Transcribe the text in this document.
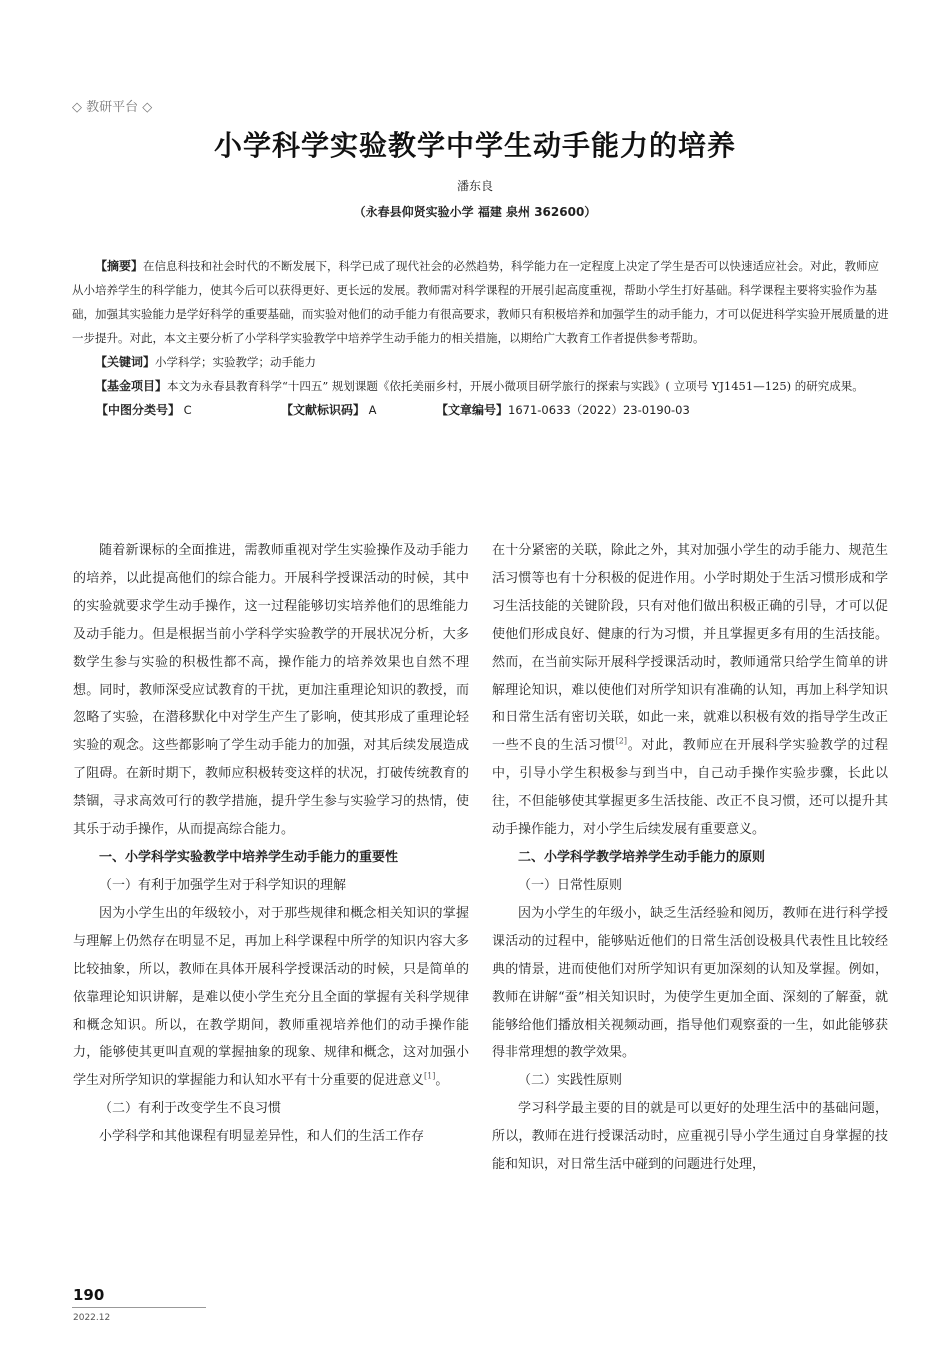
◇ 教研平台 ◇
小学科学实验教学中学生动手能力的培养
潘东良
（永春县仰贤实验小学 福建 泉州 362600）

【摘要】在信息科技和社会时代的不断发展下，科学已成了现代社会的必然趋势，科学能力在一定程度上决定了学生是否可以快速适应社会。对此，教师应从小培养学生的科学能力，使其今后可以获得更好、更长远的发展。教师需对科学课程的开展引起高度重视，帮助小学生打好基础。科学课程主要将实验作为基础，加强其实验能力是学好科学的重要基础，而实验对他们的动手能力有很高要求，教师只有积极培养和加强学生的动手能力，才可以促进科学实验开展质量的进一步提升。对此，本文主要分析了小学科学实验教学中培养学生动手能力的相关措施，以期给广大教育工作者提供参考帮助。

【关键词】小学科学；实验教学；动手能力

【基金项目】本文为永春县教育科学“十四五” 规划课题《依托美丽乡村，开展小微项目研学旅行的探索与实践》( 立项号 YJ1451—125) 的研究成果。

【中图分类号】 C	【文献标识码】 A	【文章编号】1671-0633（2022）23-0190-03

随着新课标的全面推进，需教师重视对学生实验操作及动手能力的培养，以此提高他们的综合能力。开展科学授课活动的时候，其中的实验就要求学生动手操作，这一过程能够切实培养他们的思维能力及动手能力。但是根据当前小学科学实验教学的开展状况分析，大多数学生参与实验的积极性都不高，操作能力的培养效果也自然不理想。同时，教师深受应试教育的干扰，更加注重理论知识的教授，而忽略了实验，在潜移默化中对学生产生了影响，使其形成了重理论轻实验的观念。这些都影响了学生动手能力的加强，对其后续发展造成了阻碍。在新时期下，教师应积极转变这样的状况，打破传统教育的禁锢，寻求高效可行的教学措施，提升学生参与实验学习的热情，使其乐于动手操作，从而提高综合能力。

一、小学科学实验教学中培养学生动手能力的重要性

（一）有利于加强学生对于科学知识的理解

因为小学生出的年级较小，对于那些规律和概念相关知识的掌握与理解上仍然存在明显不足，再加上科学课程中所学的知识内容大多比较抽象，所以，教师在具体开展科学授课活动的时候，只是简单的依靠理论知识讲解，是难以使小学生充分且全面的掌握有关科学规律和概念知识。所以，在教学期间，教师重视培养他们的动手操作能力，能够使其更叫直观的掌握抽象的现象、规律和概念，这对加强小学生对所学知识的掌握能力和认知水平有十分重要的促进意义[1]。

（二）有利于改变学生不良习惯

小学科学和其他课程有明显差异性，和人们的生活工作存

在十分紧密的关联，除此之外，其对加强小学生的动手能力、规范生活习惯等也有十分积极的促进作用。小学时期处于生活习惯形成和学习生活技能的关键阶段，只有对他们做出积极正确的引导，才可以促使他们形成良好、健康的行为习惯，并且掌握更多有用的生活技能。然而，在当前实际开展科学授课活动时，教师通常只给学生简单的讲解理论知识，难以使他们对所学知识有准确的认知，再加上科学知识和日常生活有密切关联，如此一来，就难以积极有效的指导学生改正一些不良的生活习惯[2]。对此，教师应在开展科学实验教学的过程中，引导小学生积极参与到当中，自己动手操作实验步骤，长此以往，不但能够使其掌握更多生活技能、改正不良习惯，还可以提升其动手操作能力，对小学生后续发展有重要意义。

二、小学科学教学培养学生动手能力的原则

（一）日常性原则

因为小学生的年级小，缺乏生活经验和阅历，教师在进行科学授课活动的过程中，能够贴近他们的日常生活创设极具代表性且比较经典的情景，进而使他们对所学知识有更加深刻的认知及掌握。例如，教师在讲解“蚕”相关知识时，为使学生更加全面、深刻的了解蚕，就能够给他们播放相关视频动画，指导他们观察蚕的一生，如此能够获得非常理想的教学效果。

（二）实践性原则

学习科学最主要的目的就是可以更好的处理生活中的基础问题，所以，教师在进行授课活动时，应重视引导小学生通过自身掌握的技能和知识，对日常生活中碰到的问题进行处理，

190
2022.12
